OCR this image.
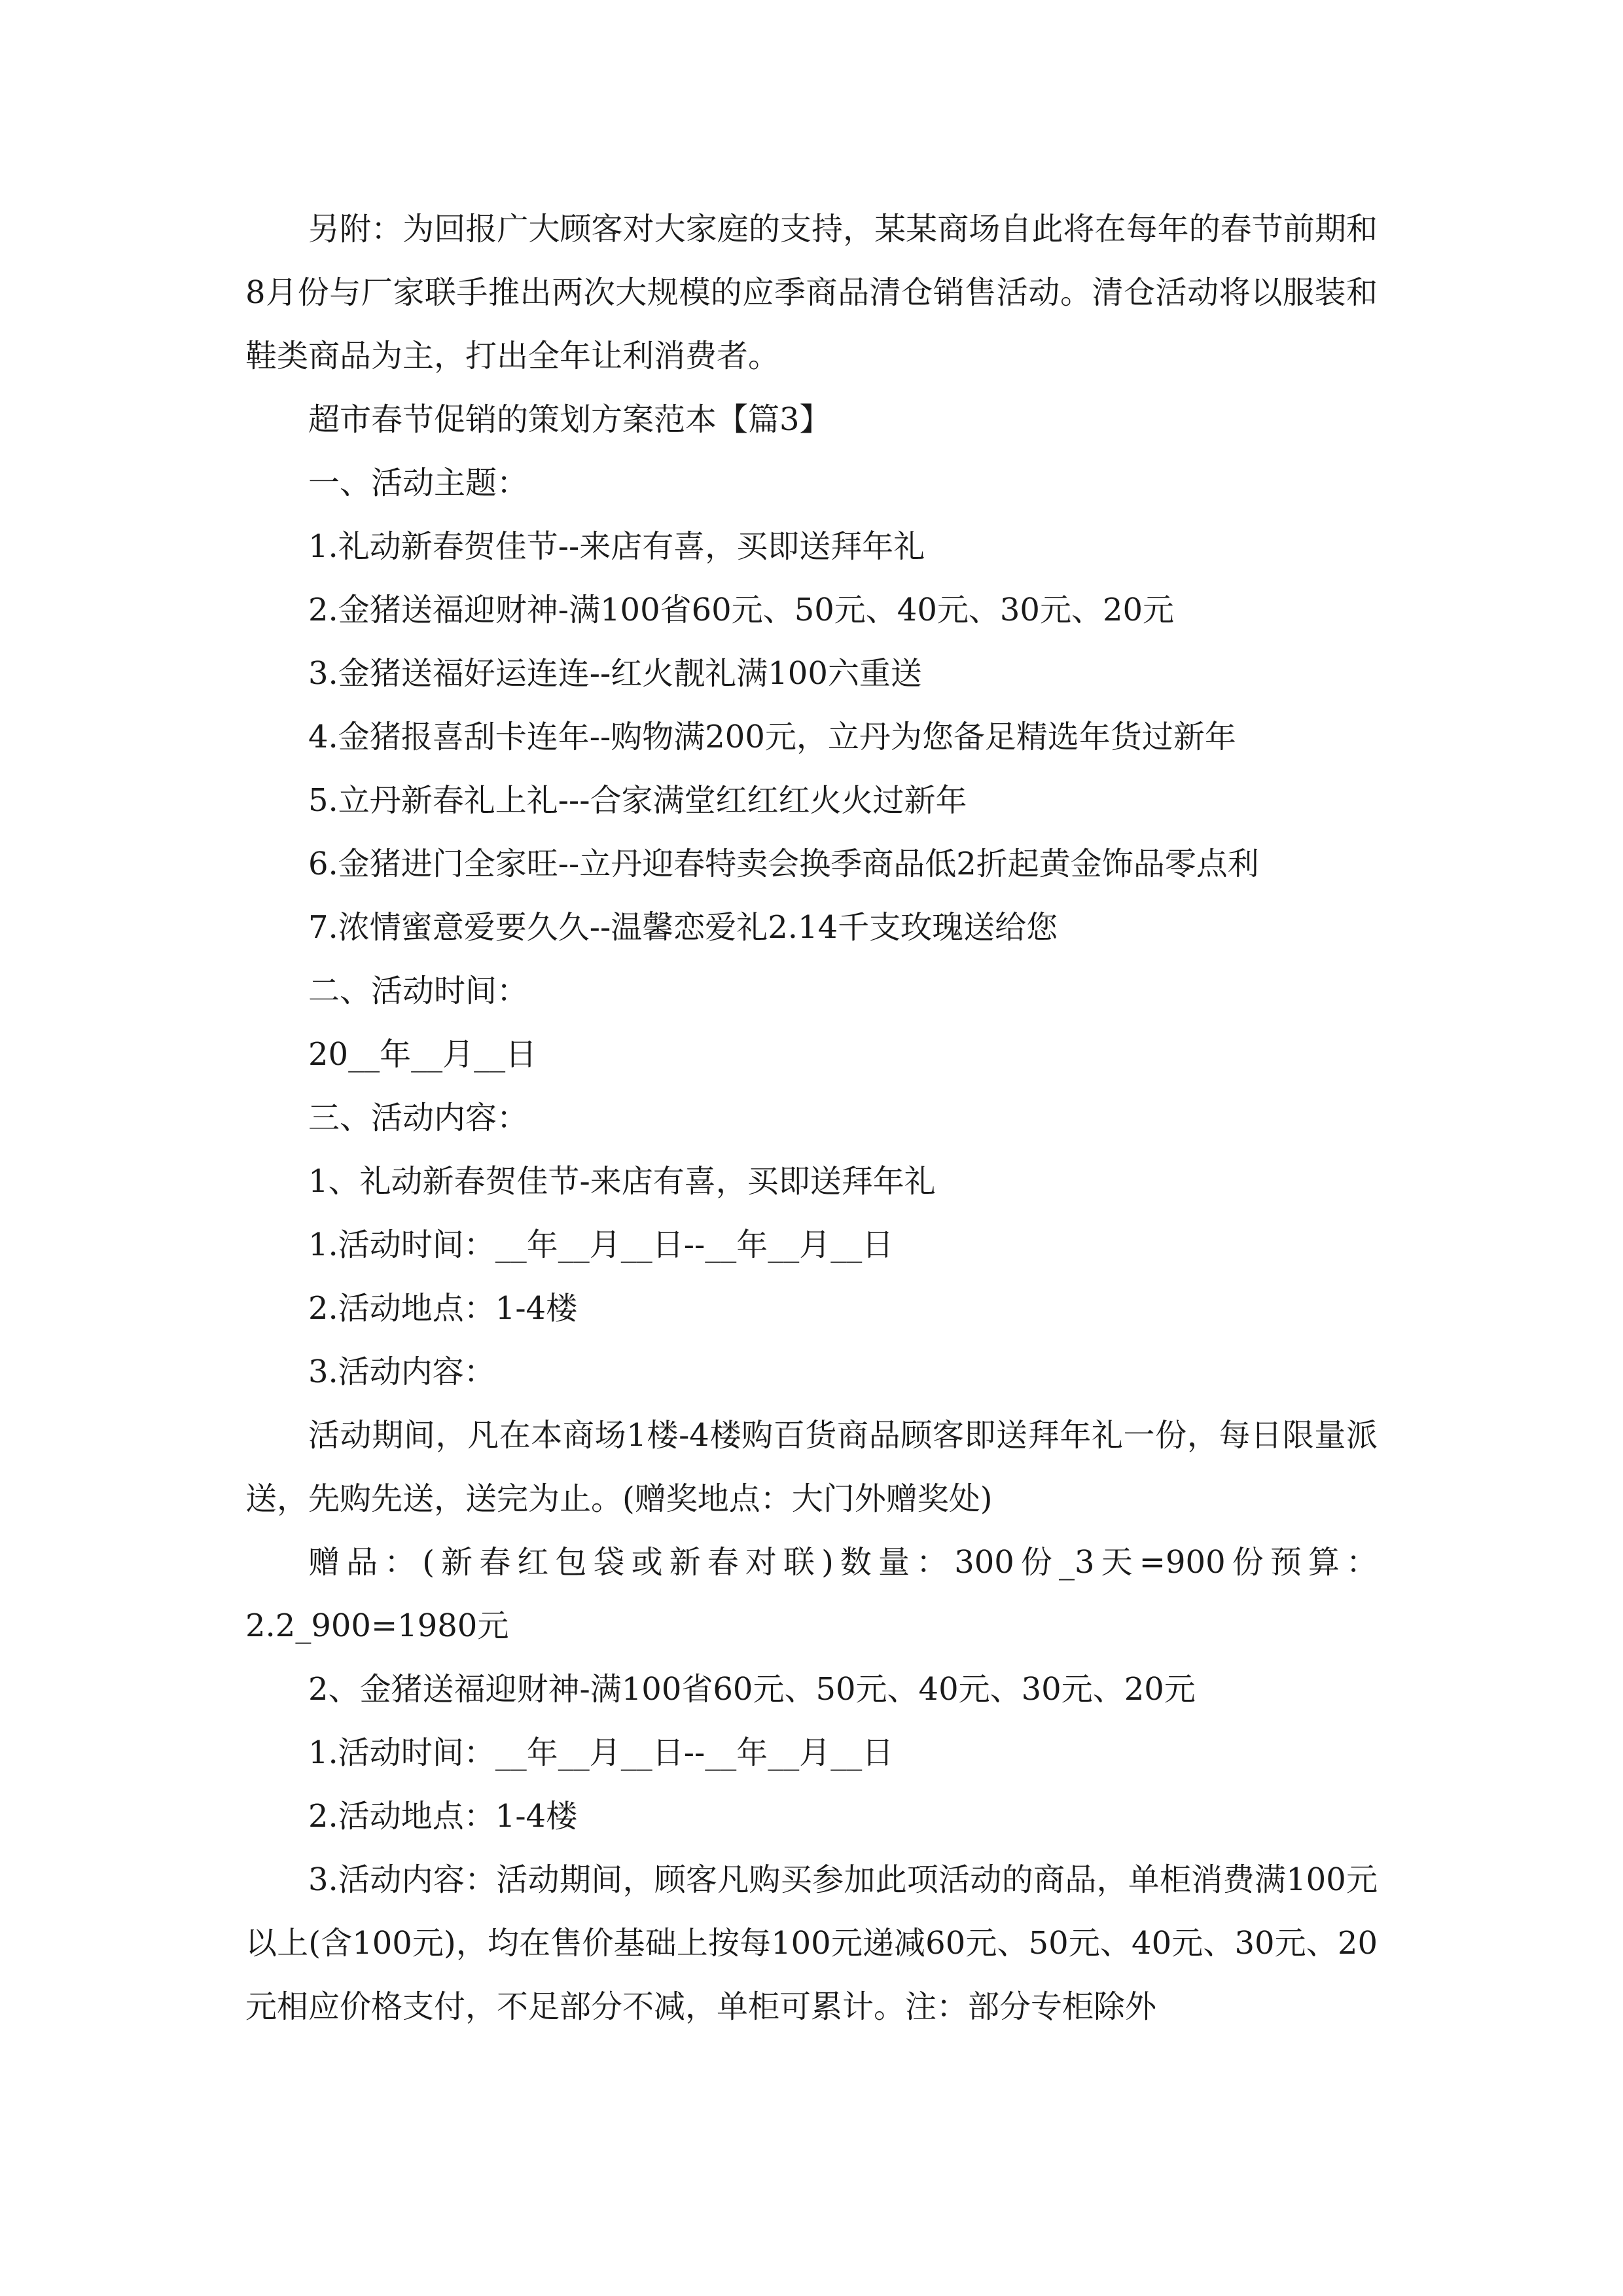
另附：为回报广大顾客对大家庭的支持，某某商场自此将在每年的春节前期和8月份与厂家联手推出两次大规模的应季商品清仓销售活动。清仓活动将以服装和鞋类商品为主，打出全年让利消费者。

超市春节促销的策划方案范本【篇3】

一、活动主题：

1.礼动新春贺佳节--来店有喜，买即送拜年礼

2.金猪送福迎财神-满100省60元、50元、40元、30元、20元

3.金猪送福好运连连--红火靓礼满100六重送

4.金猪报喜刮卡连年--购物满200元，立丹为您备足精选年货过新年

5.立丹新春礼上礼---合家满堂红红红火火过新年

6.金猪进门全家旺--立丹迎春特卖会换季商品低2折起黄金饰品零点利

7.浓情蜜意爱要久久--温馨恋爱礼2.14千支玫瑰送给您

二、活动时间：

20__年__月__日

三、活动内容：

1、礼动新春贺佳节-来店有喜，买即送拜年礼

1.活动时间：__年__月__日--__年__月__日

2.活动地点：1-4楼

3.活动内容：

活动期间，凡在本商场1楼-4楼购百货商品顾客即送拜年礼一份，每日限量派送，先购先送，送完为止。(赠奖地点：大门外赠奖处)

赠品：(新春红包袋或新春对联)数量：300份_3天=900份预算：2.2_900=1980元

2、金猪送福迎财神-满100省60元、50元、40元、30元、20元

1.活动时间：__年__月__日--__年__月__日

2.活动地点：1-4楼

3.活动内容：活动期间，顾客凡购买参加此项活动的商品，单柜消费满100元以上(含100元)，均在售价基础上按每100元递减60元、50元、40元、30元、20元相应价格支付，不足部分不减，单柜可累计。注：部分专柜除外
